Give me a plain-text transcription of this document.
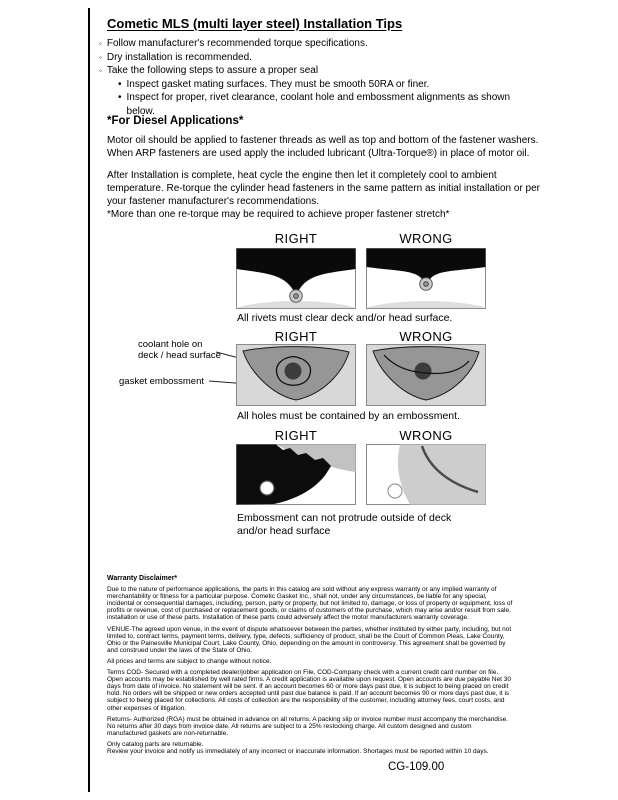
Cometic MLS (multi layer steel) Installation Tips
◦ Follow manufacturer's recommended torque specifications.
◦ Dry installation is recommended.
◦ Take the following steps to assure a proper seal
• Inspect gasket mating surfaces. They must be smooth 50RA or finer.
• Inspect for proper, rivet clearance, coolant hole and embossment alignments as shown below.
*For Diesel Applications*

Motor oil should be applied to fastener threads as well as top and bottom of the fastener washers. When ARP fasteners are used apply the included lubricant (Ultra-Torque®) in place of motor oil.

After Installation is complete, heat cycle the engine then let it completely cool to ambient temperature. Re-torque the cylinder head fasteners in the same pattern as initial installation or per your fastener manufacturer's recommendations.

*More than one re-torque may be required to achieve proper fastener stretch*

RIGHT	WRONG
All rivets must clear deck and/or head surface.
RIGHT	WRONG
coolant hole on
deck / head surface
gasket embossment
All holes must be contained by an embossment.
RIGHT	WRONG
Embossment can not protrude outside of deck and/or head surface

Warranty Disclaimer*

Due to the nature of performance applications, the parts in this catalog are sold without any express warranty or any implied warranty of merchantability or fitness for a particular purpose. Cometic Gasket Inc., shall not, under any circumstances, be liable for any special, incidental or consequential damages, including, person, party or property, but not limited to, damage, or loss of property or equipment, loss of profits or revenue, cost of purchased or replacement goods, or claims of customers of the purchase, which may arise and/or result from sale, installation or use of these parts. Installation of these parts could adversely affect the motor manufacturers warranty coverage.

VENUE-The agreed upon venue, in the event of dispute whatsoever between the parties, whether instituted by either party, including, but not limited to, contract terms, payment terms, delivery, type, defects, sufficiency of product, shall be the Court of Common Pleas, Lake County, Ohio or the Painesville Municipal Court, Lake County, Ohio, depending on the amount in controversy. This agreement shall be governed by and construed under the laws of the State of Ohio.

All prices and terms are subject to change without notice.

Terms COD- Secured with a completed dealer/jobber application on File, COD-Company check with a current credit card number on file. Open accounts may be established by well rated firms. A credit application is available upon request. Open accounts are due payable Net 30 days from date of invoice. No statement will be sent. If an account becomes 60 or more days past due, it is subject to being placed on credit hold. No orders will be shipped or new orders accepted until past due balance is paid. If an account becomes 90 or more days past due, it is subject to being placed for collections. All costs of collection are the responsibility of the customer, including attorney fees, court costs, and other expenses of litigation.

Returns- Authorized (RGA) must be obtained in advance on all returns. A packing slip or invoice number must accompany the merchandise. No returns after 30 days from invoice date. All returns are subject to a 25% restocking charge. All custom designed and custom manufactured gaskets are non-returnable.

Only catalog parts are returnable.

Review your invoice and notify us immediately of any incorrect or inaccurate information. Shortages must be reported within 10 days.

CG-109.00
